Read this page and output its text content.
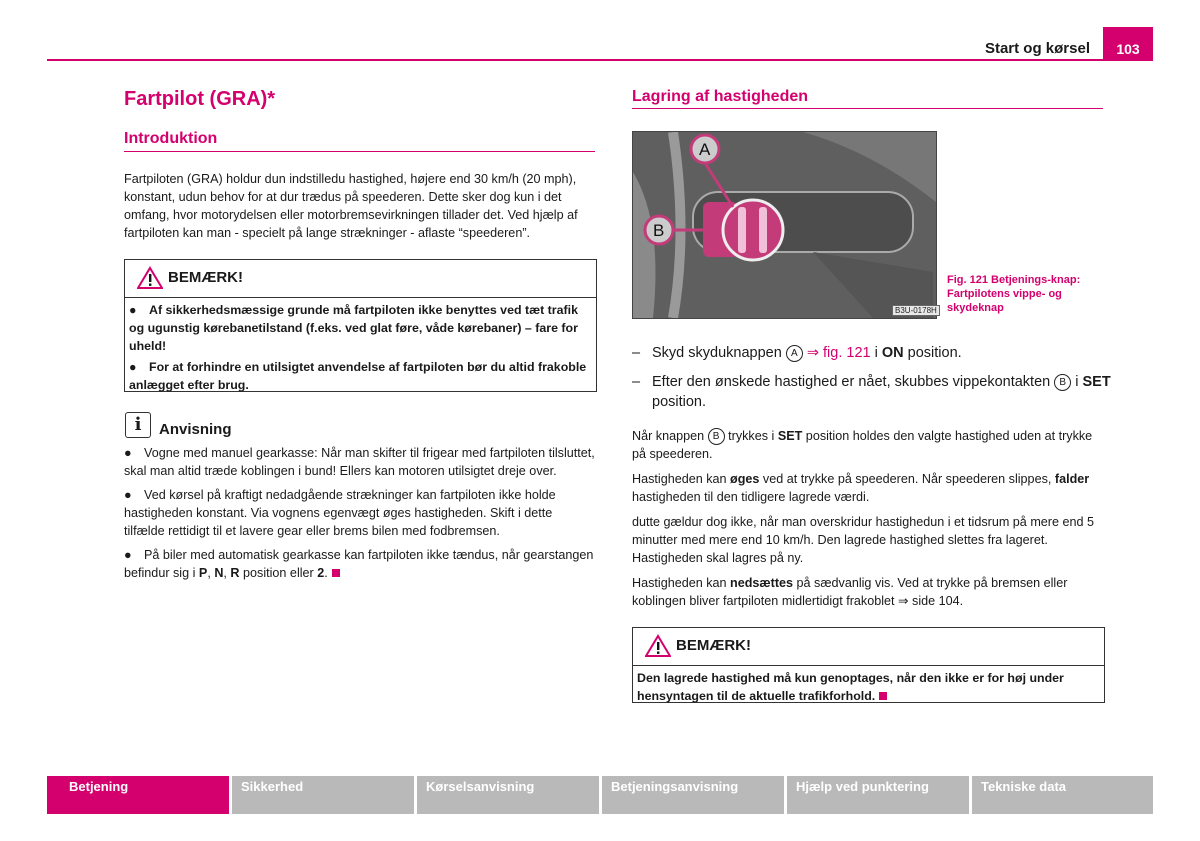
Start og kørsel	103
Fartpilot (GRA)*
Introduktion
Fartpiloten (GRA) holdur dun indstilledu hastighed, højere end 30 km/h (20 mph), konstant, udun behov for at dur trædus på speederen. Dette sker dog kun i det omfang, hvor motorydelsen eller motorbremsevirkningen tillader det. Ved hjælp af fartpiloten kan man - specielt på lange strækninger - aflaste “speederen”.
BEMÆRK!

● Af sikkerhedsmæssige grunde må fartpiloten ikke benyttes ved tæt trafik og ugunstig kørebanetilstand (f.eks. ved glat føre, våde kørebaner) – fare for uheld!

● For at forhindre en utilsigtet anvendelse af fartpiloten bør du altid frakoble anlægget efter brug.

i	Anvisning

● Vogne med manuel gearkasse: Når man skifter til frigear med fartpiloten tilsluttet, skal man altid træde koblingen i bund! Ellers kan motoren utilsigtet dreje over.

● Ved kørsel på kraftigt nedadgående strækninger kan fartpiloten ikke holde hastigheden konstant. Via vognens egenvægt øges hastigheden. Skift i dette tilfælde rettidigt til et lavere gear eller brems bilen med fodbremsen.

● På biler med automatisk gearkasse kan fartpiloten ikke tændus, når gearstangen befindur sig i P, N, R position eller 2.

Lagring af hastigheden
A
B
B3U-0178H
Fig. 121 Betjenings-knap: Fartpilotens vippe- og skydeknap
– Skyd skyduknappen A ⇒ fig. 121 i ON position.
– Efter den ønskede hastighed er nået, skubbes vippekontakten B i SET position.

Når knappen B trykkes i SET position holdes den valgte hastighed uden at trykke på speederen.

Hastigheden kan øges ved at trykke på speederen. Når speederen slippes, falder hastigheden til den tidligere lagrede værdi.

dutte gældur dog ikke, når man overskridur hastighedun i et tidsrum på mere end 5 minutter med mere end 10 km/h. Den lagrede hastighed slettes fra lageret. Hastigheden skal lagres på ny.

Hastigheden kan nedsættes på sædvanlig vis. Ved at trykke på bremsen eller koblingen bliver fartpiloten midlertidigt frakoblet ⇒ side 104.

BEMÆRK!
Den lagrede hastighed må kun genoptages, når den ikke er for høj under hensyntagen til de aktuelle trafikforhold.
Betjening	Sikkerhed	Kørselsanvisning	Betjeningsanvisning	Hjælp ved punktering	Tekniske data
